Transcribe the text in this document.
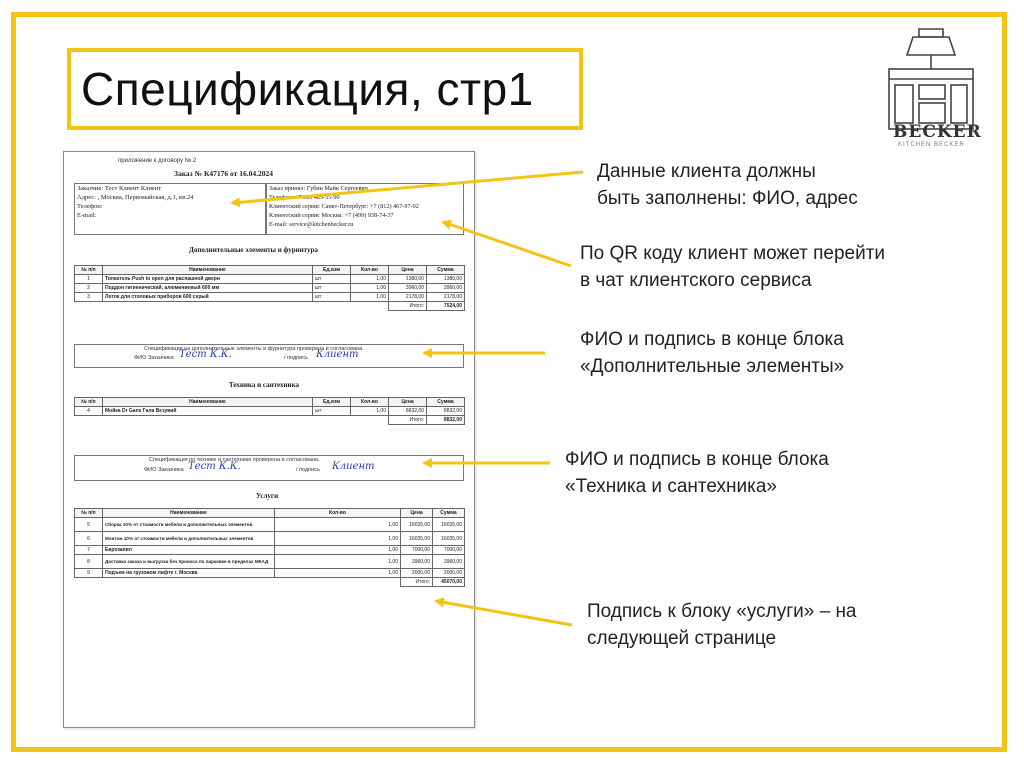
Спецификация, стр1
BECKER
KITCHEN BECKER
приложение к договору № 2
Заказ № К47176 от 16.04.2024
Заказчик: Тест Клиент Клиент
Адрес: , Москва, Первомайская, д.1, кв.24
Телефон:
E-mail:
Заказ принял: Губин Майк Сергеевич
Телефон: +7 985 485-55-90
Клиентский сервис Санкт-Петербург: +7 (812) 467-97-92
Клиентский сервис Москва: +7 (499) 938-74-37
E-mail: service@kitchenbecker.ru
Дополнительные элементы и фурнитура
№ п/п	Наименование	Ед.изм	Кол-во	Цена	Сумма
1	Толкатель Push to open для распашной двери	шт	1,00	1380,00	1380,00
2	Поддон гигиенический, алюминиевый 600 мм	шт	1,00	3960,00	3960,00
3	Лоток для столовых приборов 600 серый	шт	1,00	2178,00	2178,00
				Итого:	7524,00
Спецификация на дополнительные элементы и фурнитура проверена и согласована.
ФИО Заказчика Тест К.К.	/ подпись Клиент
Техника и сантехника
№ п/п	Наименование	Ед.изм	Кол-во	Цена	Сумма
4	Мойка Dr Gans Гала Везувий	шт	1,00	8832,00	8832,00
				Итого:	8832,00
Спецификация по технике и сантехнике проверена и согласована.
ФИО Заказчика Тест К.К.	/ подпись Клиент
Услуги
№ п/п	Наименование	Кол-во	Цена	Сумма
5	Сборка 10% от стоимости мебели и дополнительных элементов	1,00	16035,00	16035,00
6	Монтаж 10% от стоимости мебели и дополнительных элементов	1,00	16035,00	16035,00
7	Еврозапил	1,00	7000,00	7000,00
8	Доставка заказа и выгрузка без проноса по парковке в пределах МКАД	1,00	3960,00	3960,00
9	Подъем на грузовом лифте г. Москва	1,00	2000,00	2000,00
			Итого:	45070,00
Данные клиента должны
быть заполнены: ФИО, адрес
По QR коду клиент может перейти
в чат клиентского сервиса
ФИО и подпись в конце блока
«Дополнительные элементы»
ФИО и подпись в конце блока
«Техника и сантехника»
Подпись к блоку «услуги» – на
следующей странице
